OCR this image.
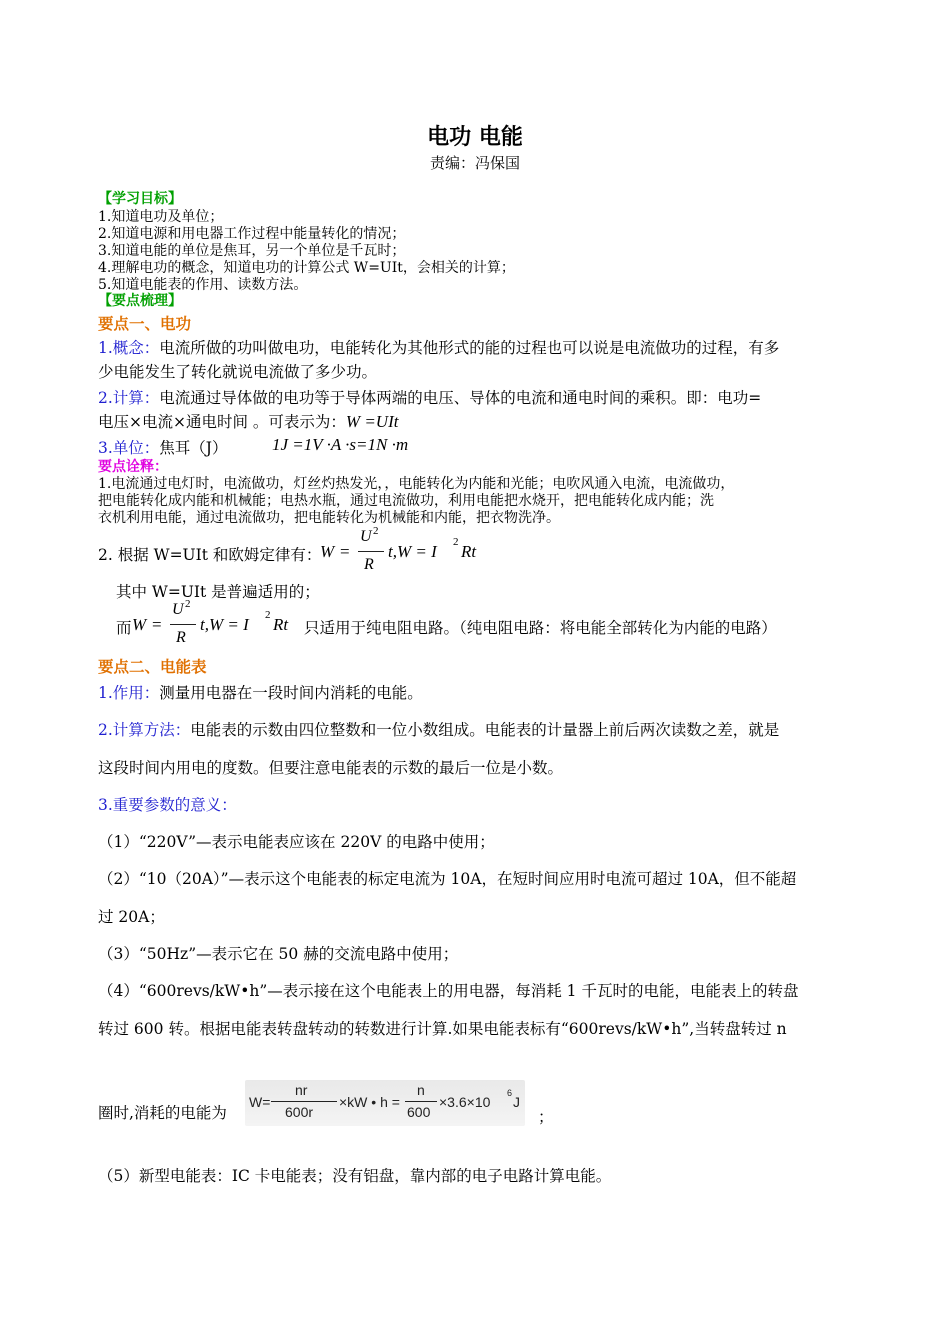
电功 电能
责编：冯保国
【学习目标】
1.知道电功及单位；
2.知道电源和用电器工作过程中能量转化的情况；
3.知道电能的单位是焦耳，另一个单位是千瓦时；
4.理解电功的概念，知道电功的计算公式 W=UIt，会相关的计算；
5.知道电能表的作用、读数方法。
【要点梳理】
要点一、电功
1.概念：电流所做的功叫做电功，电能转化为其他形式的能的过程也可以说是电流做功的过程，有多
少电能发生了转化就说电流做了多少功。
2.计算：电流通过导体做的电功等于导体两端的电压、导体的电流和通电时间的乘积。即：电功=
电压×电流×通电时间 。可表示为：W =UIt
3.单位：焦耳（J）	1J =1V ·A ·s=1N ·m
要点诠释：
1.电流通过电灯时，电流做功，灯丝灼热发光，，电能转化为内能和光能；电吹风通入电流，电流做功，
把电能转化成内能和机械能；电热水瓶，通过电流做功，利用电能把水烧开，把电能转化成内能；洗
衣机利用电能，通过电流做功，把电能转化为机械能和内能，把衣物洗净。
2. 根据 W=UIt 和欧姆定律有：
W =
U 2
R
t,W = I 2 Rt
其中 W=UIt 是普遍适用的；
而 W =
U 2
R
t,W = I 2 Rt 只适用于纯电阻电路。（纯电阻电路：将电能全部转化为内能的电路）
要点二、电能表
1.作用：测量用电器在一段时间内消耗的电能。
2.计算方法：电能表的示数由四位整数和一位小数组成。电能表的计量器上前后两次读数之差，就是
这段时间内用电的度数。但要注意电能表的示数的最后一位是小数。
3.重要参数的意义：
（1）“220V”—表示电能表应该在 220V 的电路中使用；
（2）“10（20A）”—表示这个电能表的标定电流为 10A，在短时间应用时电流可超过 10A，但不能超
过 20A；
（3）“50Hz”—表示它在 50 赫的交流电路中使用；
（4）“600revs/kW•h”—表示接在这个电能表上的用电器，每消耗 1 千瓦时的电能，电能表上的转盘
转过 600 转。根据电能表转盘转动的转数进行计算.如果电能表标有“600revs/kW•h”,当转盘转过 n
圈时,消耗的电能为
W=
nr
600r
×kW • h =
n
600
×3.6×10
6
J
；
（5）新型电能表：IC 卡电能表；没有铝盘，靠内部的电子电路计算电能。
